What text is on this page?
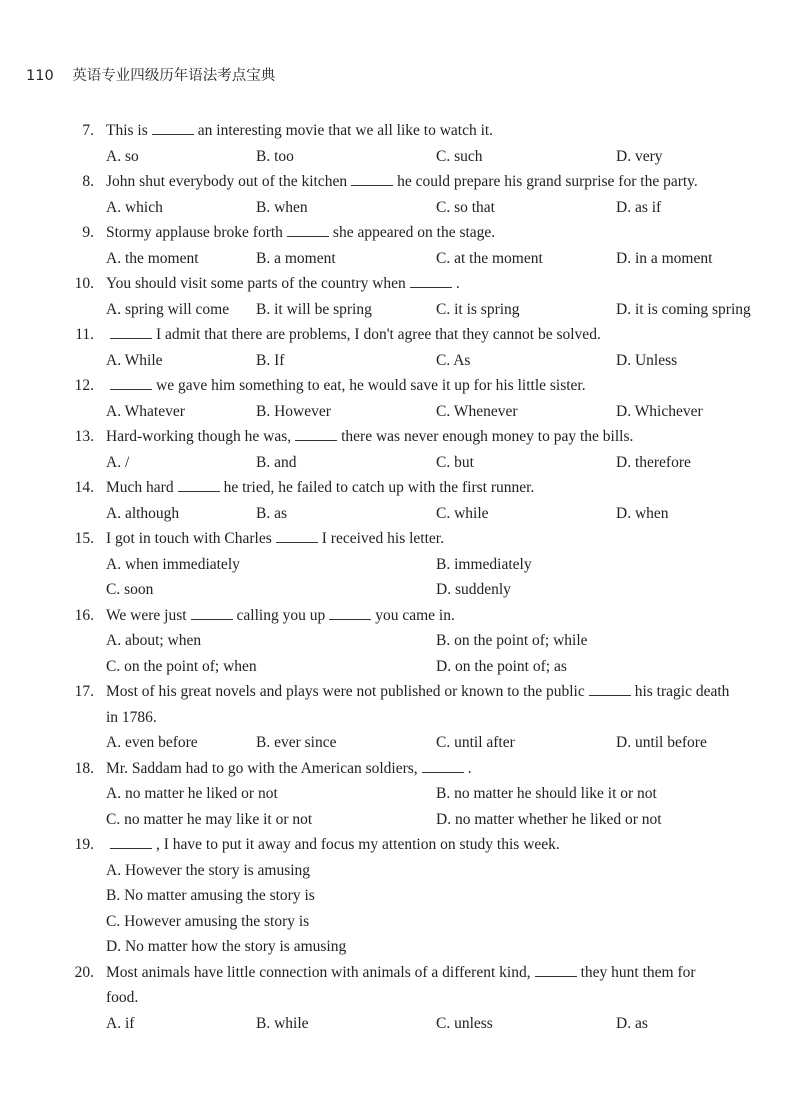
110 英语专业四级历年语法考点宝典
7. This is	an interesting movie that we all like to watch it.
A. so	B. too	C. such	D. very
8. John shut everybody out of the kitchen	he could prepare his grand surprise for the party.
A. which	B. when	C. so that	D. as if
9. Stormy applause broke forth	she appeared on the stage.
A. the moment	B. a moment	C. at the moment	D. in a moment
10. You should visit some parts of the country when	.
A. spring will come B. it will be spring	C. it is spring	D. it is coming spring
11.	I admit that there are problems, I don't agree that they cannot be solved.
A. While	B. If	C. As	D. Unless
12.	we gave him something to eat, he would save it up for his little sister.
A. Whatever	B. However	C. Whenever	D. Whichever
13. Hard-working though he was,	there was never enough money to pay the bills.
A. /	B. and	C. but	D. therefore
14. Much hard	he tried, he failed to catch up with the first runner.
A. although	B. as	C. while	D. when
15. I got in touch with Charles	I received his letter.
A. when immediately	B. immediately
C. soon	D. suddenly
16. We were just	calling you up	you came in.
A. about; when	B. on the point of; while
C. on the point of; when	D. on the point of; as
17. Most of his great novels and plays were not published or known to the public	his tragic death
in 1786.
A. even before	B. ever since	C. until after	D. until before
18. Mr. Saddam had to go with the American soldiers,	.
A. no matter he liked or not	B. no matter he should like it or not
C. no matter he may like it or not	D. no matter whether he liked or not
19.	, I have to put it away and focus my attention on study this week.
A. However the story is amusing
B. No matter amusing the story is
C. However amusing the story is
D. No matter how the story is amusing
20. Most animals have little connection with animals of a different kind,	they hunt them for
food.
A. if	B. while	C. unless	D. as
